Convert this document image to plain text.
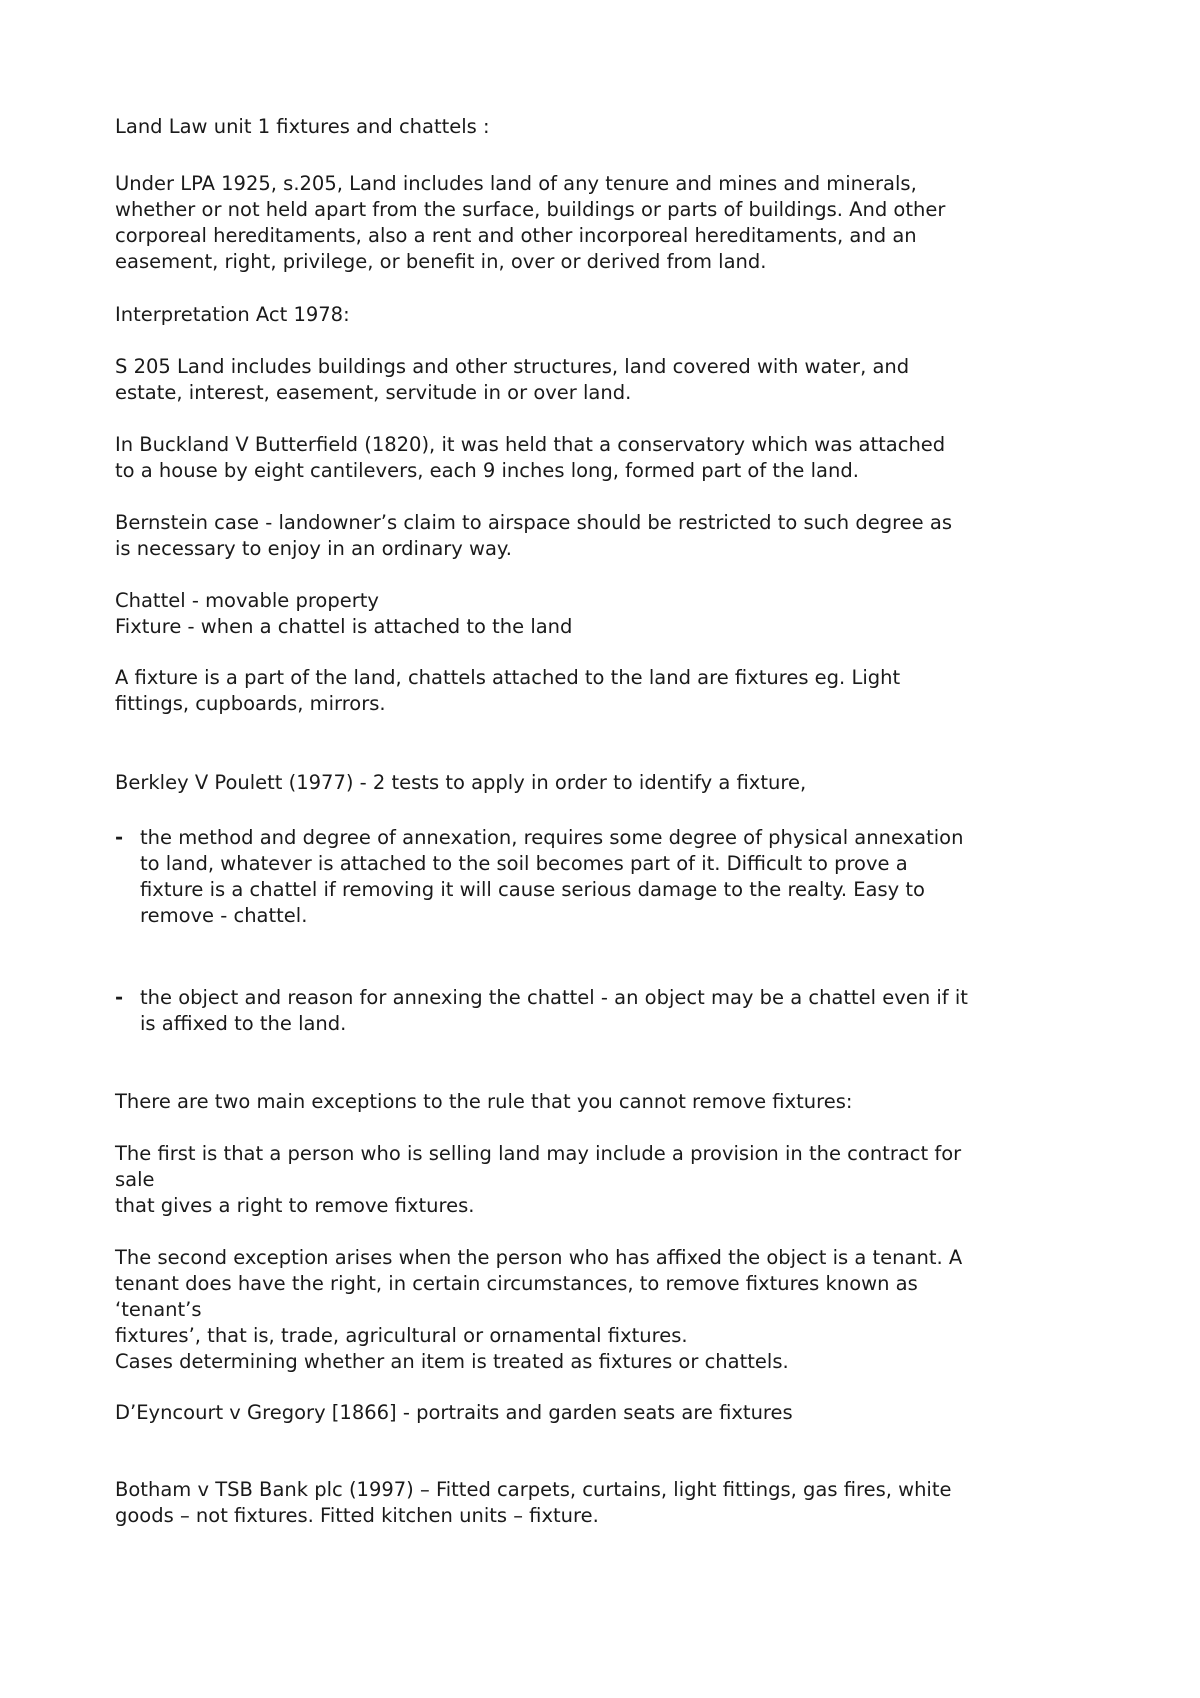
Land Law unit 1 fixtures and chattels :

Under LPA 1925, s.205, Land includes land of any tenure and mines and minerals,
whether or not held apart from the surface, buildings or parts of buildings. And other
corporeal hereditaments, also a rent and other incorporeal hereditaments, and an
easement, right, privilege, or benefit in, over or derived from land.

Interpretation Act 1978:

S 205 Land includes buildings and other structures, land covered with water, and
estate, interest, easement, servitude in or over land.

In Buckland V Butterfield (1820), it was held that a conservatory which was attached
to a house by eight cantilevers, each 9 inches long, formed part of the land.

Bernstein case - landowner’s claim to airspace should be restricted to such degree as
is necessary to enjoy in an ordinary way.

Chattel - movable property
Fixture - when a chattel is attached to the land

A fixture is a part of the land, chattels attached to the land are fixtures eg. Light
fittings, cupboards, mirrors.

Berkley V Poulett (1977) - 2 tests to apply in order to identify a fixture,

- the method and degree of annexation, requires some degree of physical annexation
to land, whatever is attached to the soil becomes part of it. Difficult to prove a
fixture is a chattel if removing it will cause serious damage to the realty. Easy to
remove - chattel.
- the object and reason for annexing the chattel - an object may be a chattel even if it
is affixed to the land.

There are two main exceptions to the rule that you cannot remove fixtures:

The first is that a person who is selling land may include a provision in the contract for
sale
that gives a right to remove fixtures.

The second exception arises when the person who has affixed the object is a tenant. A
tenant does have the right, in certain circumstances, to remove fixtures known as
‘tenant’s
fixtures’, that is, trade, agricultural or ornamental fixtures.
Cases determining whether an item is treated as fixtures or chattels.

D’Eyncourt v Gregory [1866] - portraits and garden seats are fixtures

Botham v TSB Bank plc (1997) – Fitted carpets, curtains, light fittings, gas fires, white
goods – not fixtures. Fitted kitchen units – fixture.
